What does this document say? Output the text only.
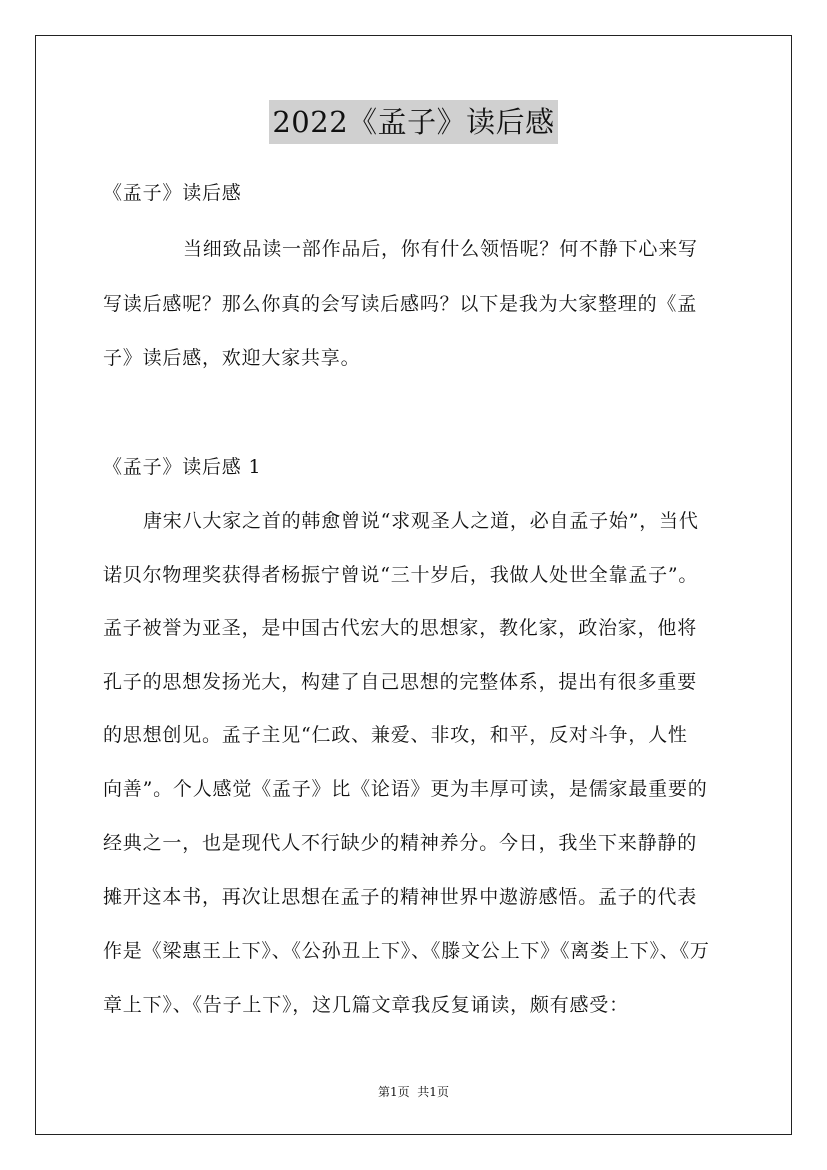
2022《孟子》读后感
《孟子》读后感
当细致品读一部作品后，你有什么领悟呢？何不静下心来写
写读后感呢？那么你真的会写读后感吗？以下是我为大家整理的《孟
子》读后感，欢迎大家共享。
《孟子》读后感 1
唐宋八大家之首的韩愈曾说“求观圣人之道，必自孟子始”，当代
诺贝尔物理奖获得者杨振宁曾说“三十岁后，我做人处世全靠孟子”。
孟子被誉为亚圣，是中国古代宏大的思想家，教化家，政治家，他将
孔子的思想发扬光大，构建了自己思想的完整体系，提出有很多重要
的思想创见。孟子主见“仁政、兼爱、非攻，和平，反对斗争，人性
向善”。个人感觉《孟子》比《论语》更为丰厚可读，是儒家最重要的
经典之一，也是现代人不行缺少的精神养分。今日，我坐下来静静的
摊开这本书，再次让思想在孟子的精神世界中遨游感悟。孟子的代表
作是《梁惠王上下》、《公孙丑上下》、《滕文公上下》《离娄上下》、《万
章上下》、《告子上下》，这几篇文章我反复诵读，颇有感受：
第1页  共1页
